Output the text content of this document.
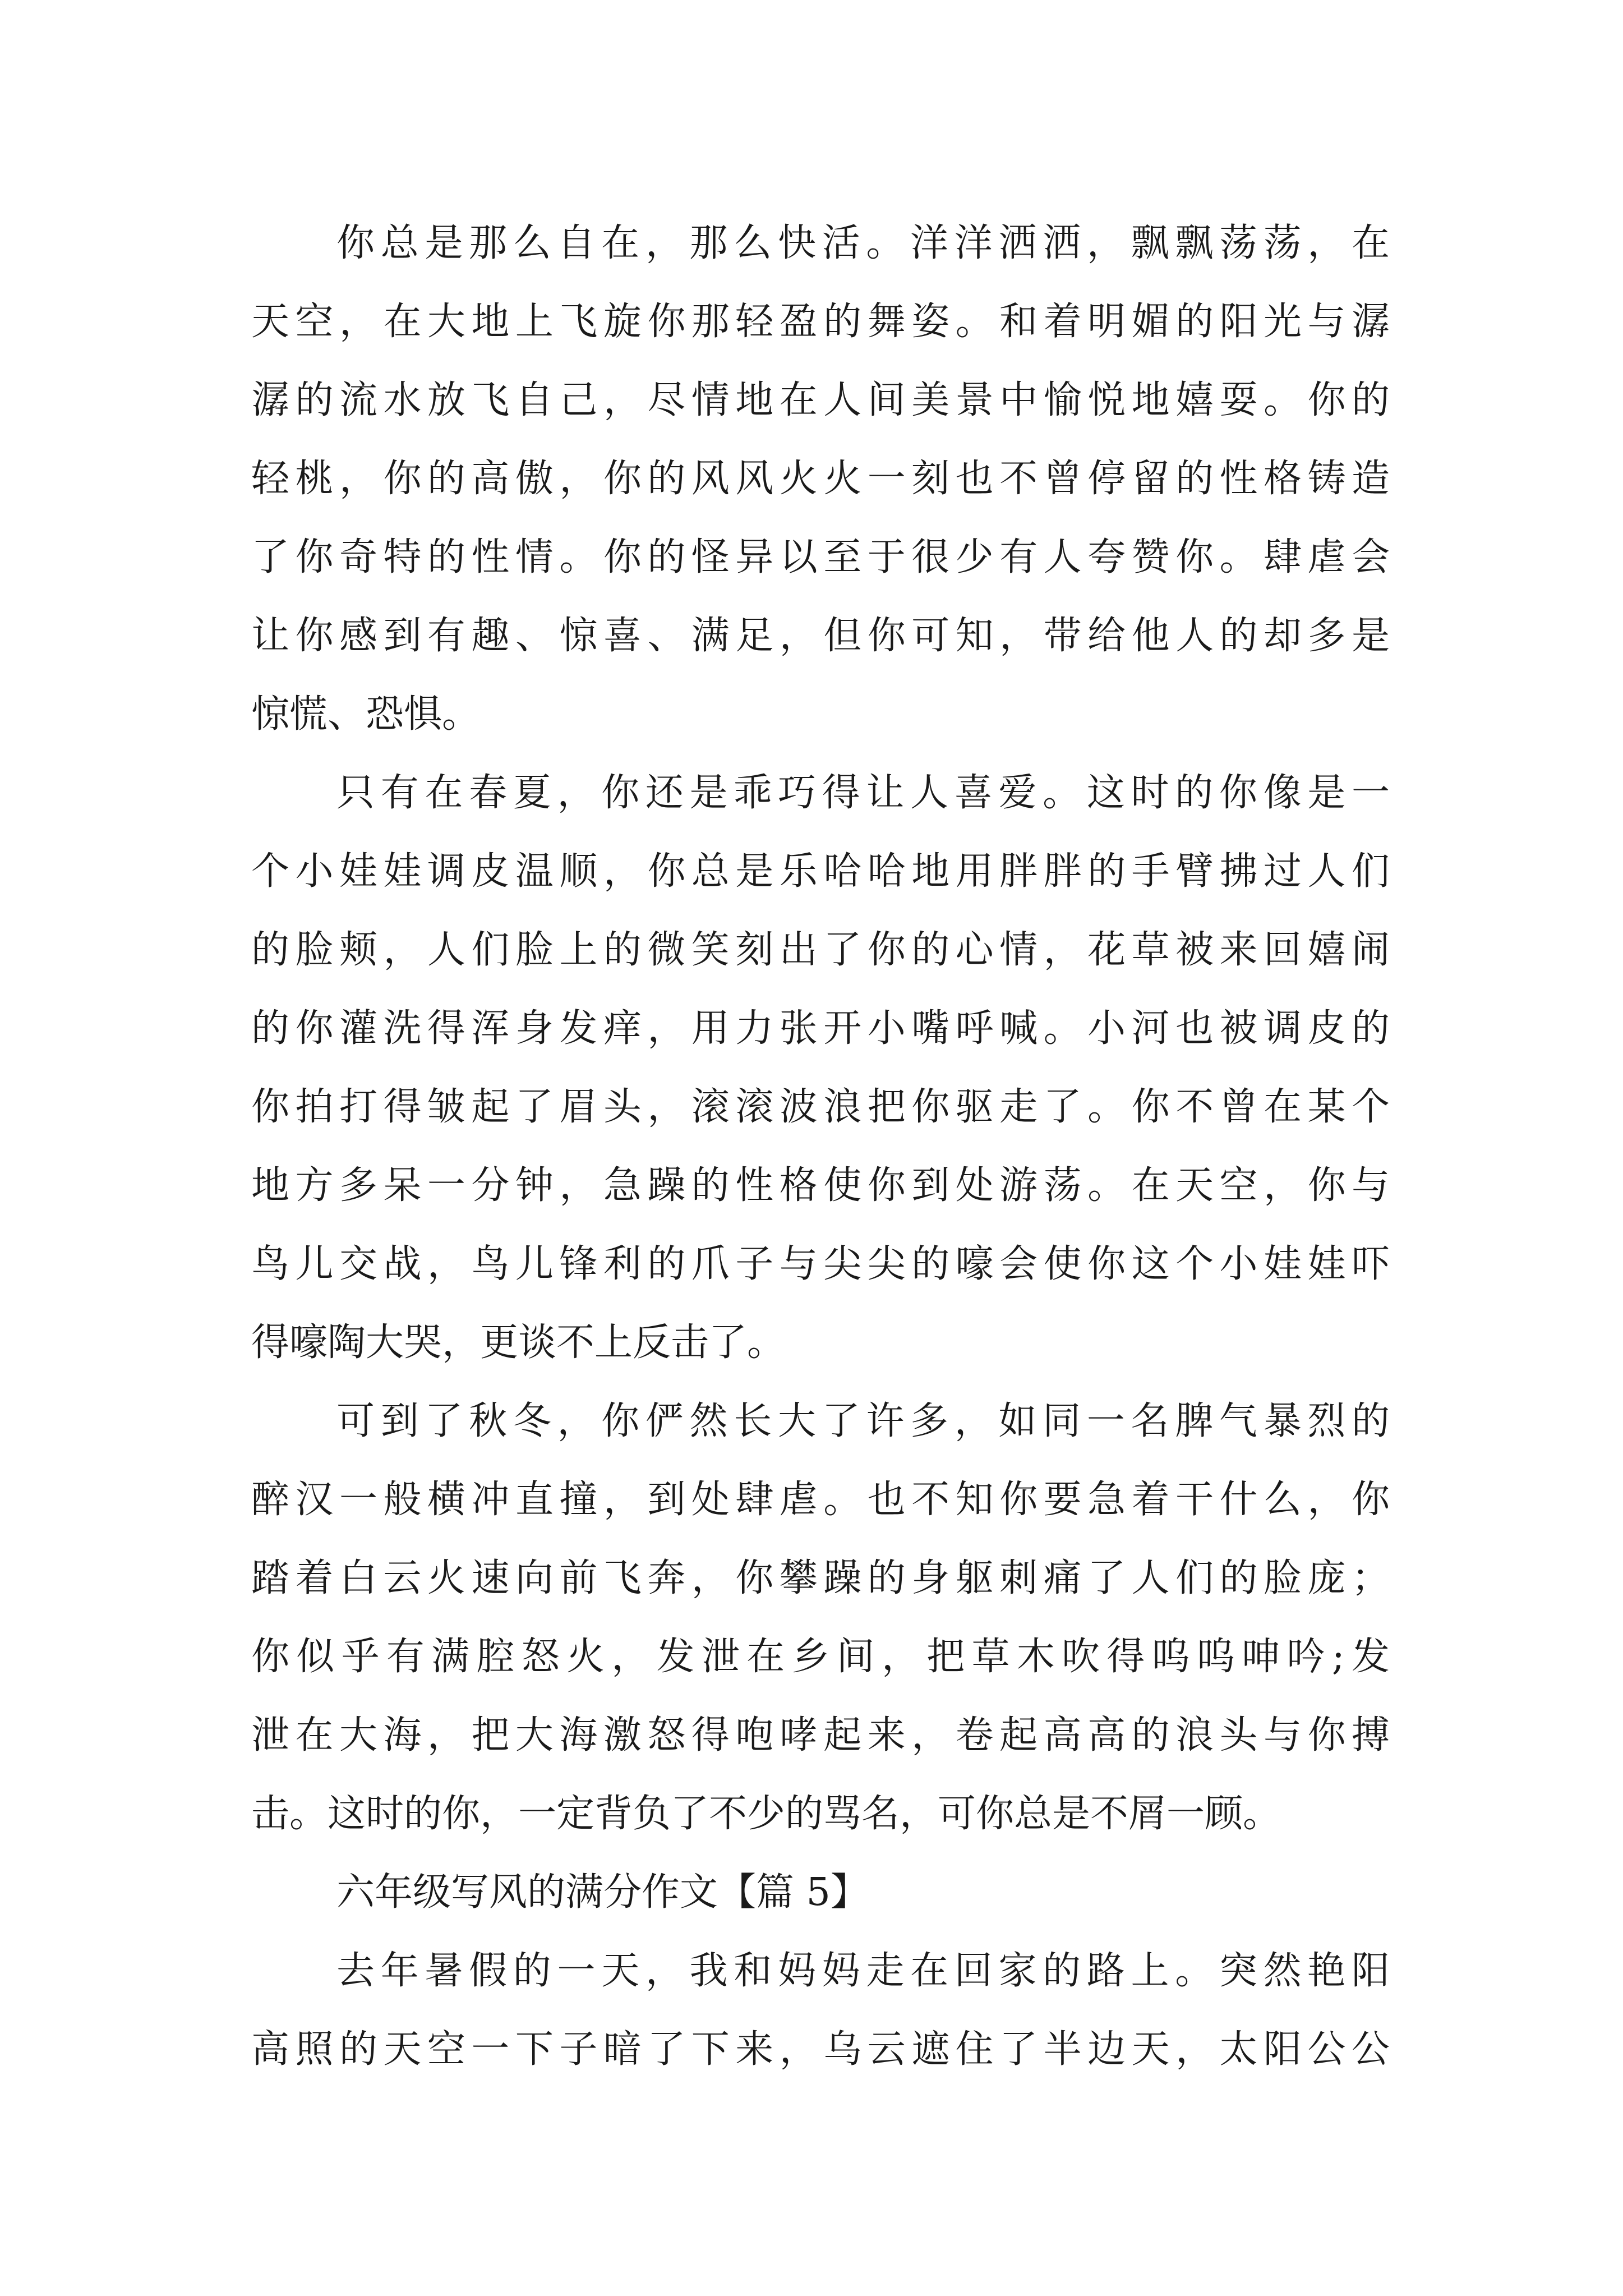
你总是那么自在，那么快活。洋洋洒洒，飘飘荡荡，在
天空，在大地上飞旋你那轻盈的舞姿。和着明媚的阳光与潺
潺的流水放飞自己，尽情地在人间美景中愉悦地嬉耍。你的
轻桃，你的高傲，你的风风火火一刻也不曾停留的性格铸造
了你奇特的性情。你的怪异以至于很少有人夸赞你。肆虐会
让你感到有趣、惊喜、满足，但你可知，带给他人的却多是
惊慌、恐惧。
只有在春夏，你还是乖巧得让人喜爱。这时的你像是一
个小娃娃调皮温顺，你总是乐哈哈地用胖胖的手臂拂过人们
的脸颊，人们脸上的微笑刻出了你的心情，花草被来回嬉闹
的你灌洗得浑身发痒，用力张开小嘴呼喊。小河也被调皮的
你拍打得皱起了眉头，滚滚波浪把你驱走了。你不曾在某个
地方多呆一分钟，急躁的性格使你到处游荡。在天空，你与
鸟儿交战，鸟儿锋利的爪子与尖尖的嚎会使你这个小娃娃吓
得嚎陶大哭，更谈不上反击了。
可到了秋冬，你俨然长大了许多，如同一名脾气暴烈的
醉汉一般横冲直撞，到处肆虐。也不知你要急着干什么，你
踏着白云火速向前飞奔，你攀躁的身躯刺痛了人们的脸庞；
你似乎有满腔怒火，发泄在乡间，把草木吹得呜呜呻吟;发
泄在大海，把大海激怒得咆哮起来，卷起高高的浪头与你搏
击。这时的你，一定背负了不少的骂名，可你总是不屑一顾。
六年级写风的满分作文【篇 5】
去年暑假的一天，我和妈妈走在回家的路上。突然艳阳
高照的天空一下子暗了下来，乌云遮住了半边天，太阳公公
